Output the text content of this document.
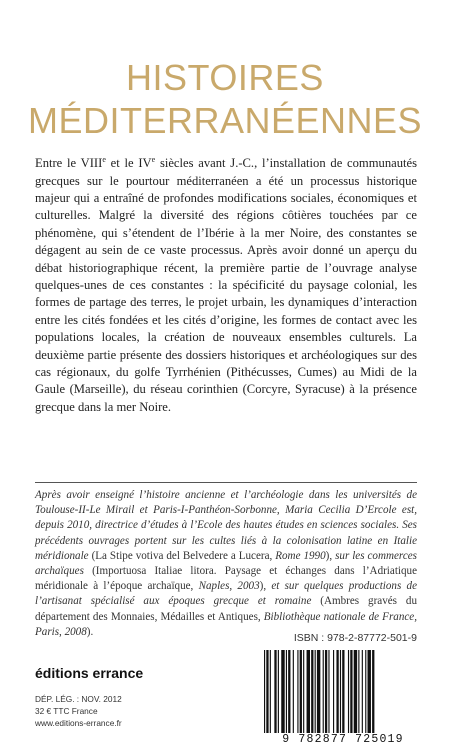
HISTOIRES
MÉDITERRANÉENNES

Entre le VIIIe et le IVe siècles avant J.-C., l’installation de communautés grecques sur le pourtour méditerranéen a été un processus historique majeur qui a entraîné de profondes modifications sociales, économiques et culturelles. Malgré la diversité des régions côtières touchées par ce phénomène, qui s’étendent de l’Ibérie à la mer Noire, des constantes se dégagent au sein de ce vaste processus. Après avoir donné un aperçu du débat historiographique récent, la première partie de l’ouvrage analyse quelques-unes de ces constantes : la spécificité du paysage colonial, les formes de partage des terres, le projet urbain, les dynamiques d’interaction entre les cités fondées et les cités d’origine, les formes de contact avec les populations locales, la création de nouveaux ensembles culturels. La deuxième partie présente des dossiers historiques et archéologiques sur des cas régionaux, du golfe Tyrrhénien (Pithécusses, Cumes) au Midi de la Gaule (Marseille), du réseau corinthien (Corcyre, Syracuse) à la présence grecque dans la mer Noire.

Après avoir enseigné l’histoire ancienne et l’archéologie dans les universités de Toulouse-II-Le Mirail et Paris-I-Panthéon-Sorbonne, Maria Cecilia D’Ercole est, depuis 2010, directrice d’études à l’Ecole des hautes études en sciences sociales. Ses précédents ouvrages portent sur les cultes liés à la colonisation latine en Italie méridionale (La Stipe votiva del Belvedere a Lucera, Rome 1990), sur les commerces archaïques (Importuosa Italiae litora. Paysage et échanges dans l’Adriatique méridionale à l’époque archaïque, Naples, 2003), et sur quelques productions de l’artisanat spécialisé aux époques grecque et romaine (Ambres gravés du département des Monnaies, Médailles et Antiques, Bibliothèque nationale de France, Paris, 2008).
ISBN : 978-2-87772-501-9
éditions errance
DÉP. LÉG. : NOV. 2012
32 € TTC France
www.editions-errance.fr
9 782877 725019
